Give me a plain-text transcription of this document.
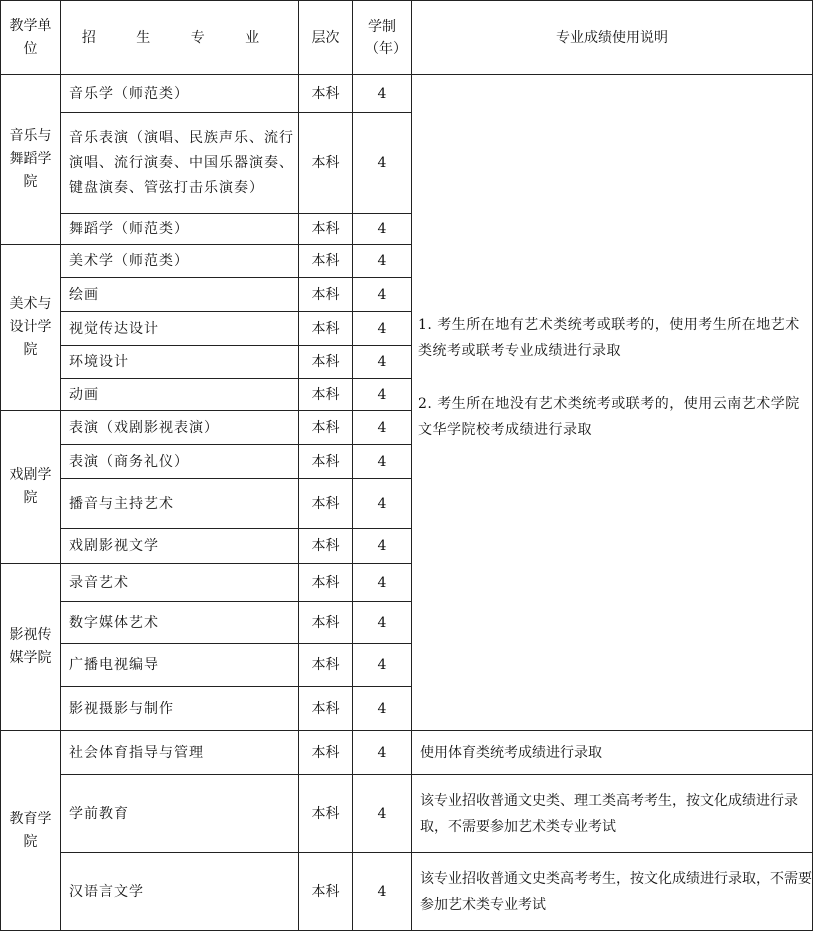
教学单位	招 生 专 业	层次	学制（年）	专业成绩使用说明
音乐与舞蹈学院	音乐学（师范类）	本科	4	1. 考生所在地有艺术类统考或联考的，使用考生所在地艺术类统考或联考专业成绩进行录取

2. 考生所在地没有艺术类统考或联考的，使用云南艺术学院文华学院校考成绩进行录取

	音乐表演（演唱、民族声乐、流行演唱、流行演奏、中国乐器演奏、键盘演奏、管弦打击乐演奏）	本科	4	
	舞蹈学（师范类）	本科	4	
美术与设计学院	美术学（师范类）	本科	4	
	绘画	本科	4	
	视觉传达设计	本科	4	
	环境设计	本科	4	
	动画	本科	4	
戏剧学院	表演（戏剧影视表演）	本科	4	
	表演（商务礼仪）	本科	4	
	播音与主持艺术	本科	4	
	戏剧影视文学	本科	4	
影视传媒学院	录音艺术	本科	4	
	数字媒体艺术	本科	4	
	广播电视编导	本科	4	
	影视摄影与制作	本科	4	
教育学院	社会体育指导与管理	本科	4	使用体育类统考成绩进行录取
	学前教育	本科	4	该专业招收普通文史类、理工类高考考生，按文化成绩进行录取，不需要参加艺术类专业考试
	汉语言文学	本科	4	该专业招收普通文史类高考考生，按文化成绩进行录取，不需要参加艺术类专业考试
